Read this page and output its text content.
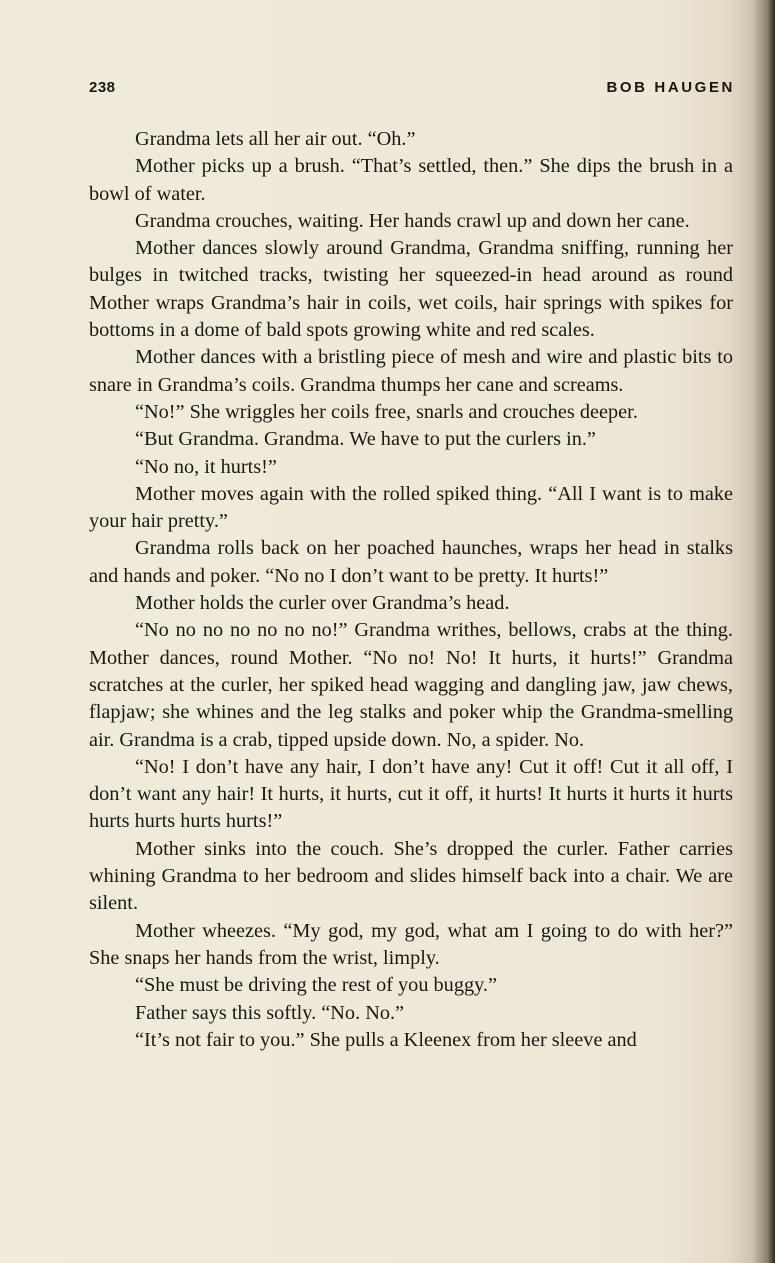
238	BOB HAUGEN

Grandma lets all her air out. “Oh.”

Mother picks up a brush. “That’s settled, then.” She dips the brush in a bowl of water.

Grandma crouches, waiting. Her hands crawl up and down her cane.

Mother dances slowly around Grandma, Grandma sniffing, running her bulges in twitched tracks, twisting her squeezed-in head around as round Mother wraps Grandma’s hair in coils, wet coils, hair springs with spikes for bottoms in a dome of bald spots growing white and red scales.

Mother dances with a bristling piece of mesh and wire and plastic bits to snare in Grandma’s coils. Grandma thumps her cane and screams.

“No!” She wriggles her coils free, snarls and crouches deeper.

“But Grandma. Grandma. We have to put the curlers in.”

“No no, it hurts!”

Mother moves again with the rolled spiked thing. “All I want is to make your hair pretty.”

Grandma rolls back on her poached haunches, wraps her head in stalks and hands and poker. “No no I don’t want to be pretty. It hurts!”

Mother holds the curler over Grandma’s head.

“No no no no no no no!” Grandma writhes, bellows, crabs at the thing. Mother dances, round Mother. “No no! No! It hurts, it hurts!” Grandma scratches at the curler, her spiked head wagging and dangling jaw, jaw chews, flapjaw; she whines and the leg stalks and poker whip the Grandma-smelling air. Grandma is a crab, tipped upside down. No, a spider. No.

“No! I don’t have any hair, I don’t have any! Cut it off! Cut it all off, I don’t want any hair! It hurts, it hurts, cut it off, it hurts! It hurts it hurts it hurts hurts hurts hurts hurts!”

Mother sinks into the couch. She’s dropped the curler. Father carries whining Grandma to her bedroom and slides himself back into a chair. We are silent.

Mother wheezes. “My god, my god, what am I going to do with her?” She snaps her hands from the wrist, limply.

“She must be driving the rest of you buggy.”

Father says this softly. “No. No.”

“It’s not fair to you.” She pulls a Kleenex from her sleeve and
